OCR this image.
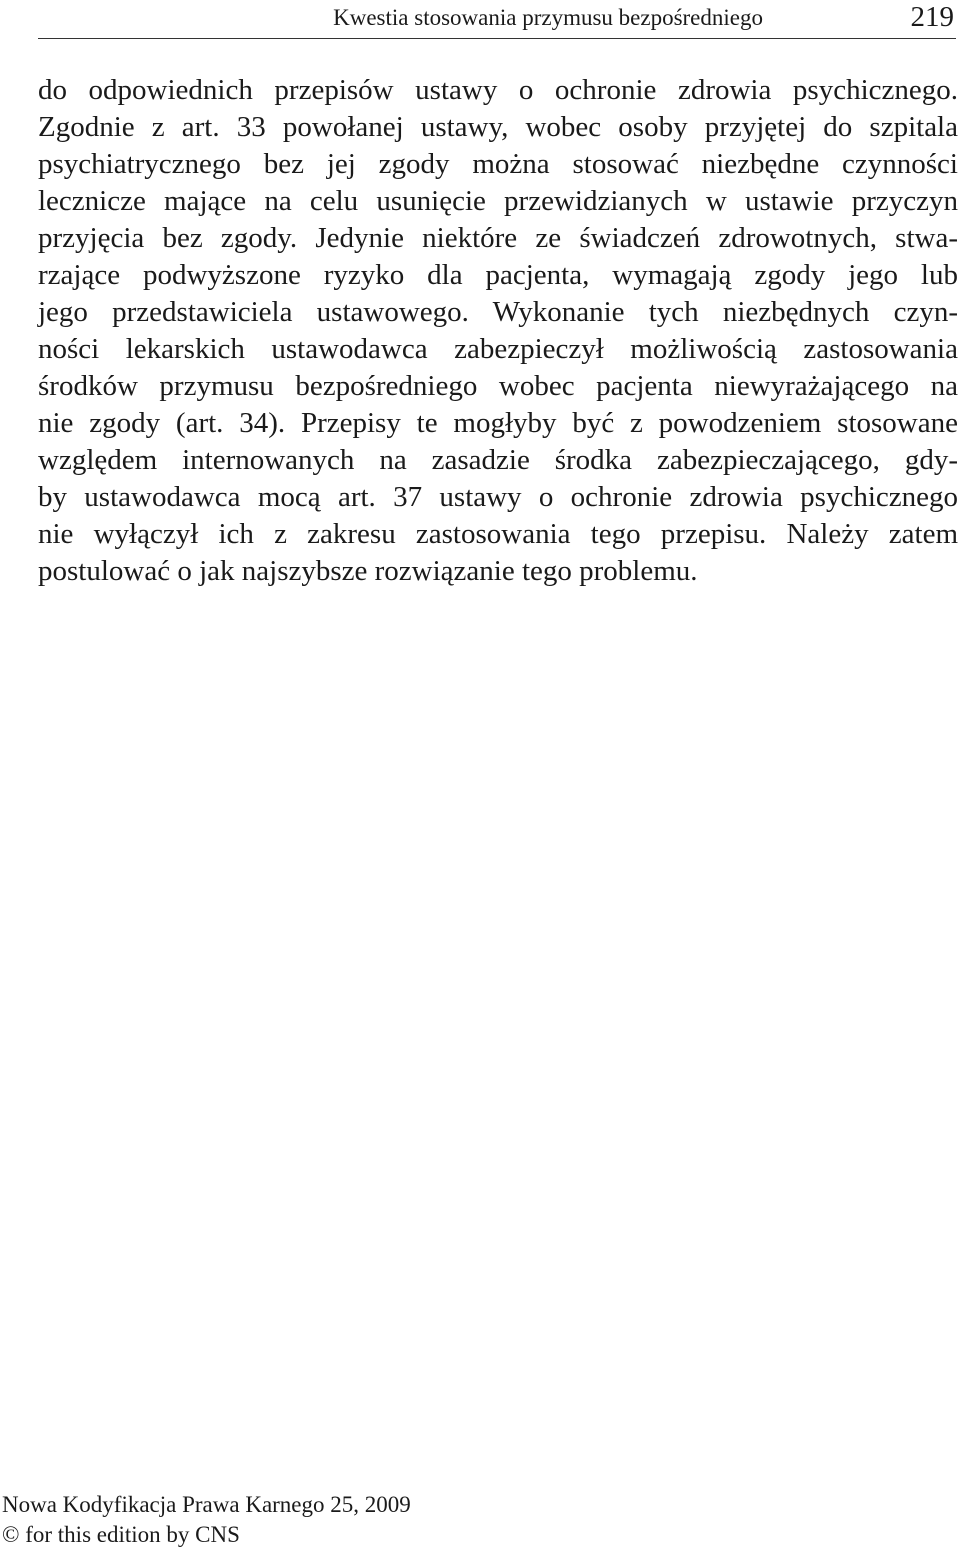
Kwestia stosowania przymusu bezpośredniego	219
do odpowiednich przepisów ustawy o ochronie zdrowia psychicznego.
Zgodnie z art. 33 powołanej ustawy, wobec osoby przyjętej do szpitala
psychiatrycznego bez jej zgody można stosować niezbędne czynności
lecznicze mające na celu usunięcie przewidzianych w ustawie przyczyn
przyjęcia bez zgody. Jedynie niektóre ze świadczeń zdrowotnych, stwa-
rzające podwyższone ryzyko dla pacjenta, wymagają zgody jego lub
jego przedstawiciela ustawowego. Wykonanie tych niezbędnych czyn-
ności lekarskich ustawodawca zabezpieczył możliwością zastosowania
środków przymusu bezpośredniego wobec pacjenta niewyrażającego na
nie zgody (art. 34). Przepisy te mogłyby być z powodzeniem stosowane
względem internowanych na zasadzie środka zabezpieczającego, gdy-
by ustawodawca mocą art. 37 ustawy o ochronie zdrowia psychicznego
nie wyłączył ich z zakresu zastosowania tego przepisu. Należy zatem
postulować o jak najszybsze rozwiązanie tego problemu.
Nowa Kodyfikacja Prawa Karnego 25, 2009
© for this edition by CNS
